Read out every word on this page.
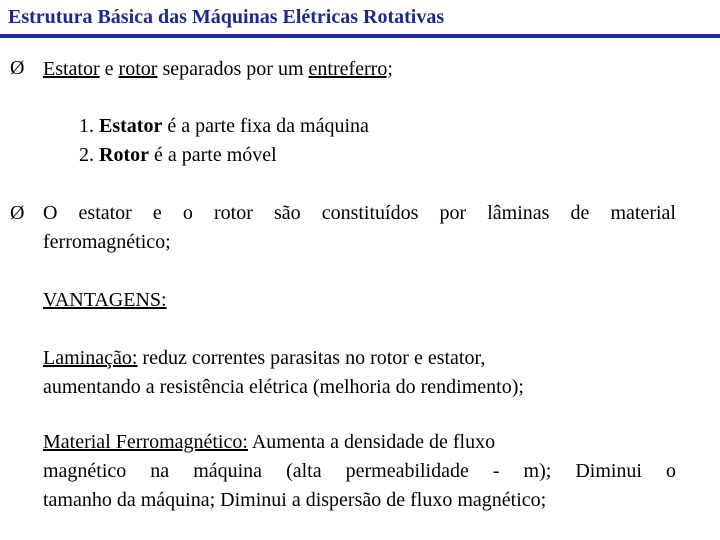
Estrutura Básica das Máquinas Elétricas Rotativas
Ø Estator e rotor separados por um entreferro;
1. Estator é a parte fixa da máquina
2. Rotor é a parte móvel
Ø O estator e o rotor são constituídos por lâminas de material
ferromagnético;
VANTAGENS:
Laminação: reduz correntes parasitas no rotor e estator,
aumentando a resistência elétrica (melhoria do rendimento);
Material Ferromagnético: Aumenta a densidade de fluxo
magnético na máquina (alta permeabilidade - m); Diminui o
tamanho da máquina; Diminui a dispersão de fluxo magnético;
